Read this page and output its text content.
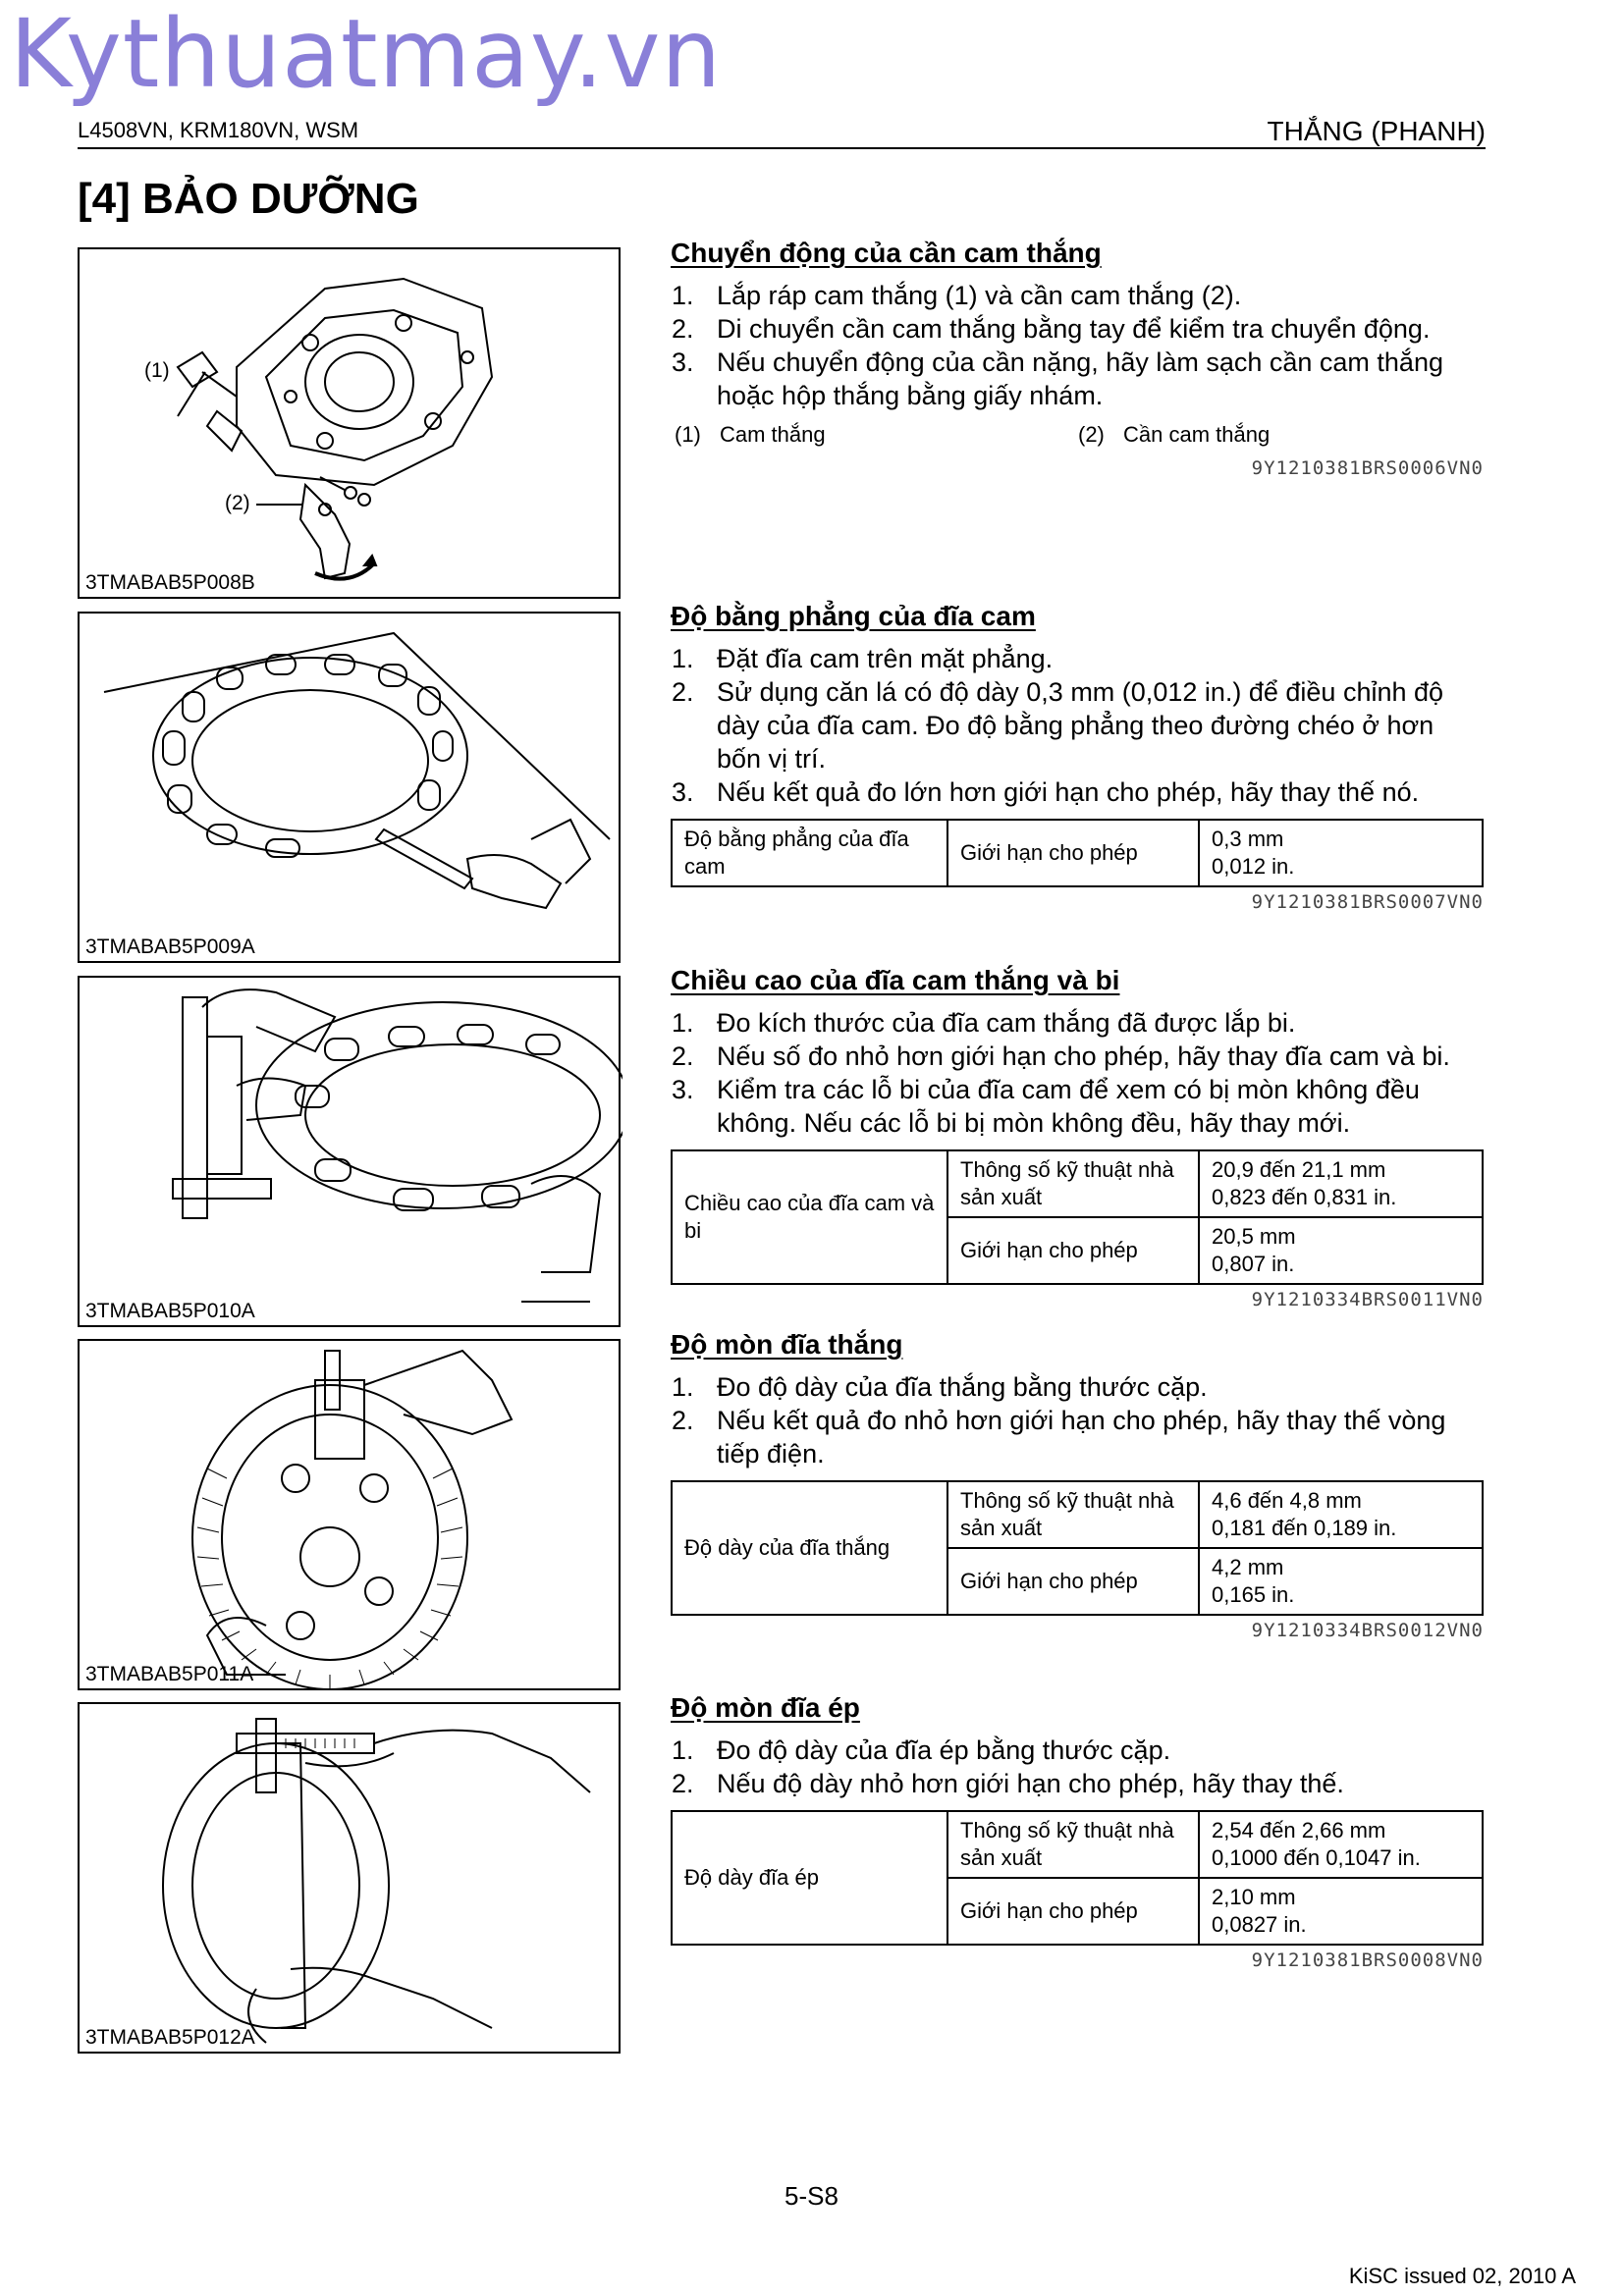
Kythuatmay.vn
L4508VN, KRM180VN, WSM	THẮNG (PHANH)
[4] BẢO DƯỠNG
(1)
(2)
3TMABAB5P008B
3TMABAB5P009A
3TMABAB5P010A
3TMABAB5P011A
3TMABAB5P012A
Chuyển động của cần cam thắng
1. Lắp ráp cam thắng (1) và cần cam thắng (2).
2. Di chuyển cần cam thắng bằng tay để kiểm tra chuyển động.
3. Nếu chuyển động của cần nặng, hãy làm sạch cần cam thắng hoặc hộp thắng bằng giấy nhám.
(1) Cam thắng	(2) Cần cam thắng
9Y1210381BRS0006VN0
Độ bằng phẳng của đĩa cam
1. Đặt đĩa cam trên mặt phẳng.
2. Sử dụng căn lá có độ dày 0,3 mm (0,012 in.) để điều chỉnh độ dày của đĩa cam. Đo độ bằng phẳng theo đường chéo ở hơn bốn vị trí.
3. Nếu kết quả đo lớn hơn giới hạn cho phép, hãy thay thế nó.
Độ bằng phẳng của đĩa cam	Giới hạn cho phép	0,3 mm
0,012 in.
9Y1210381BRS0007VN0
Chiều cao của đĩa cam thắng và bi
1. Đo kích thước của đĩa cam thắng đã được lắp bi.
2. Nếu số đo nhỏ hơn giới hạn cho phép, hãy thay đĩa cam và bi.
3. Kiểm tra các lỗ bi của đĩa cam để xem có bị mòn không đều không. Nếu các lỗ bi bị mòn không đều, hãy thay mới.
Chiều cao của đĩa cam và bi	Thông số kỹ thuật nhà sản xuất	20,9 đến 21,1 mm
0,823 đến 0,831 in.
	Giới hạn cho phép	20,5 mm
0,807 in.
9Y1210334BRS0011VN0
Độ mòn đĩa thắng
1. Đo độ dày của đĩa thắng bằng thước cặp.
2. Nếu kết quả đo nhỏ hơn giới hạn cho phép, hãy thay thế vòng tiếp điện.
Độ dày của đĩa thắng	Thông số kỹ thuật nhà sản xuất	4,6 đến 4,8 mm
0,181 đến 0,189 in.
	Giới hạn cho phép	4,2 mm
0,165 in.
9Y1210334BRS0012VN0
Độ mòn đĩa ép
1. Đo độ dày của đĩa ép bằng thước cặp.
2. Nếu độ dày nhỏ hơn giới hạn cho phép, hãy thay thế.
Độ dày đĩa ép	Thông số kỹ thuật nhà sản xuất	2,54 đến 2,66 mm
0,1000 đến 0,1047 in.
	Giới hạn cho phép	2,10 mm
0,0827 in.
9Y1210381BRS0008VN0
5-S8
KiSC issued 02, 2010 A
